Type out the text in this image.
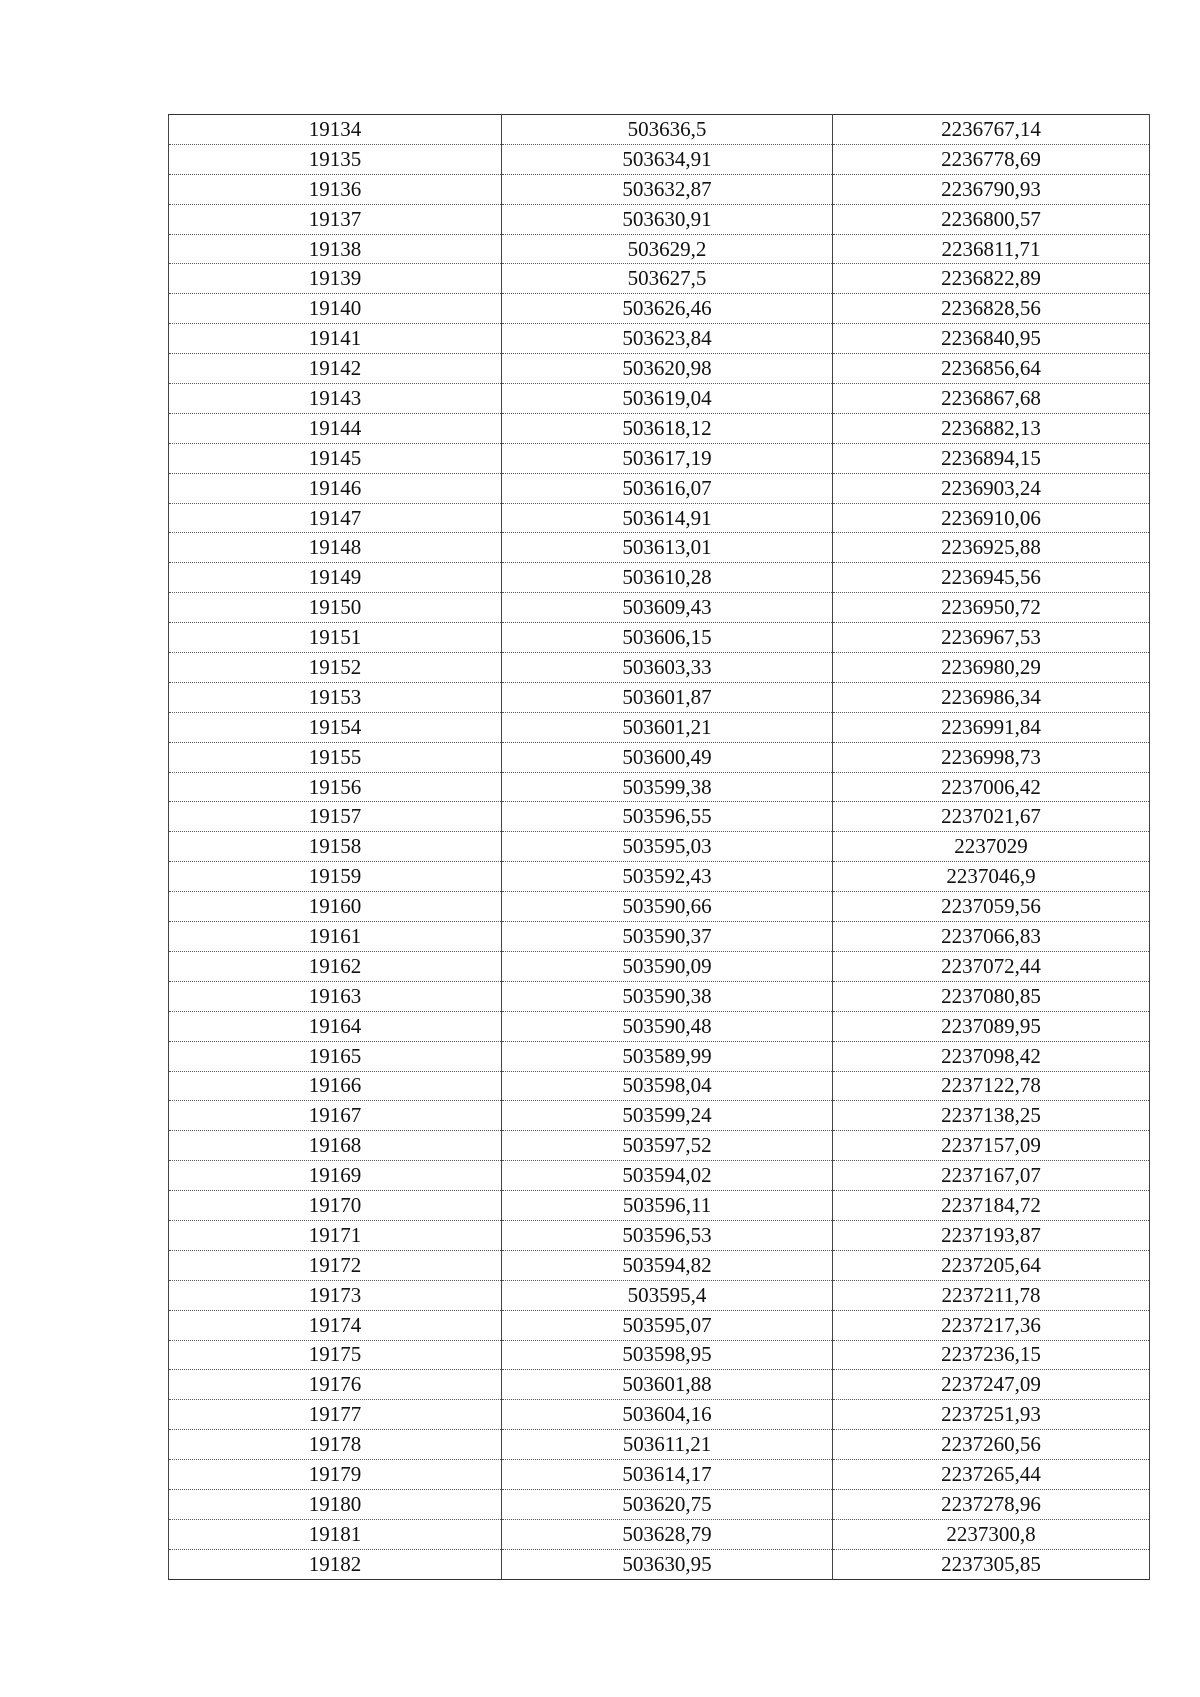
19134	503636,5	2236767,14
19135	503634,91	2236778,69
19136	503632,87	2236790,93
19137	503630,91	2236800,57
19138	503629,2	2236811,71
19139	503627,5	2236822,89
19140	503626,46	2236828,56
19141	503623,84	2236840,95
19142	503620,98	2236856,64
19143	503619,04	2236867,68
19144	503618,12	2236882,13
19145	503617,19	2236894,15
19146	503616,07	2236903,24
19147	503614,91	2236910,06
19148	503613,01	2236925,88
19149	503610,28	2236945,56
19150	503609,43	2236950,72
19151	503606,15	2236967,53
19152	503603,33	2236980,29
19153	503601,87	2236986,34
19154	503601,21	2236991,84
19155	503600,49	2236998,73
19156	503599,38	2237006,42
19157	503596,55	2237021,67
19158	503595,03	2237029
19159	503592,43	2237046,9
19160	503590,66	2237059,56
19161	503590,37	2237066,83
19162	503590,09	2237072,44
19163	503590,38	2237080,85
19164	503590,48	2237089,95
19165	503589,99	2237098,42
19166	503598,04	2237122,78
19167	503599,24	2237138,25
19168	503597,52	2237157,09
19169	503594,02	2237167,07
19170	503596,11	2237184,72
19171	503596,53	2237193,87
19172	503594,82	2237205,64
19173	503595,4	2237211,78
19174	503595,07	2237217,36
19175	503598,95	2237236,15
19176	503601,88	2237247,09
19177	503604,16	2237251,93
19178	503611,21	2237260,56
19179	503614,17	2237265,44
19180	503620,75	2237278,96
19181	503628,79	2237300,8
19182	503630,95	2237305,85
